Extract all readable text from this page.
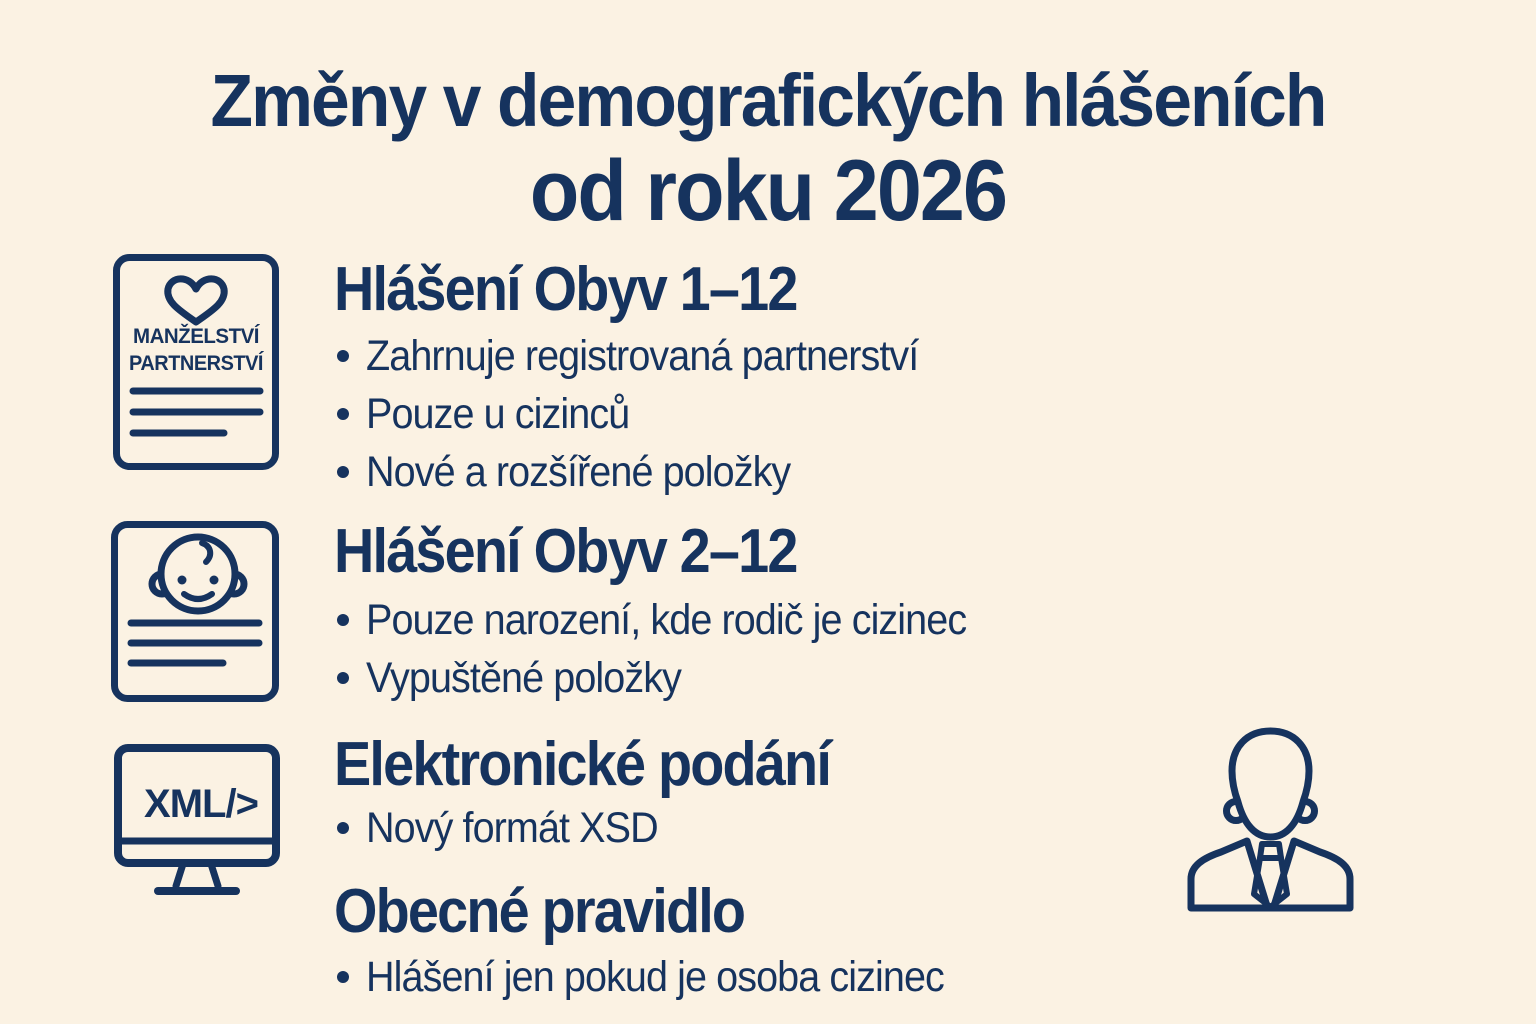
Změny v demografických hlášeních
od roku 2026
MANŽELSTVÍ
PARTNERSTVÍ
Hlášení Obyv 1–12
Zahrnuje registrovaná partnerství
Pouze u cizinců
Nové a rozšířené položky
Hlášení Obyv 2–12
Pouze narození, kde rodič je cizinec
Vypuštěné položky
XML/>
Elektronické podání
Nový formát XSD
Obecné pravidlo
Hlášení jen pokud je osoba cizinec
